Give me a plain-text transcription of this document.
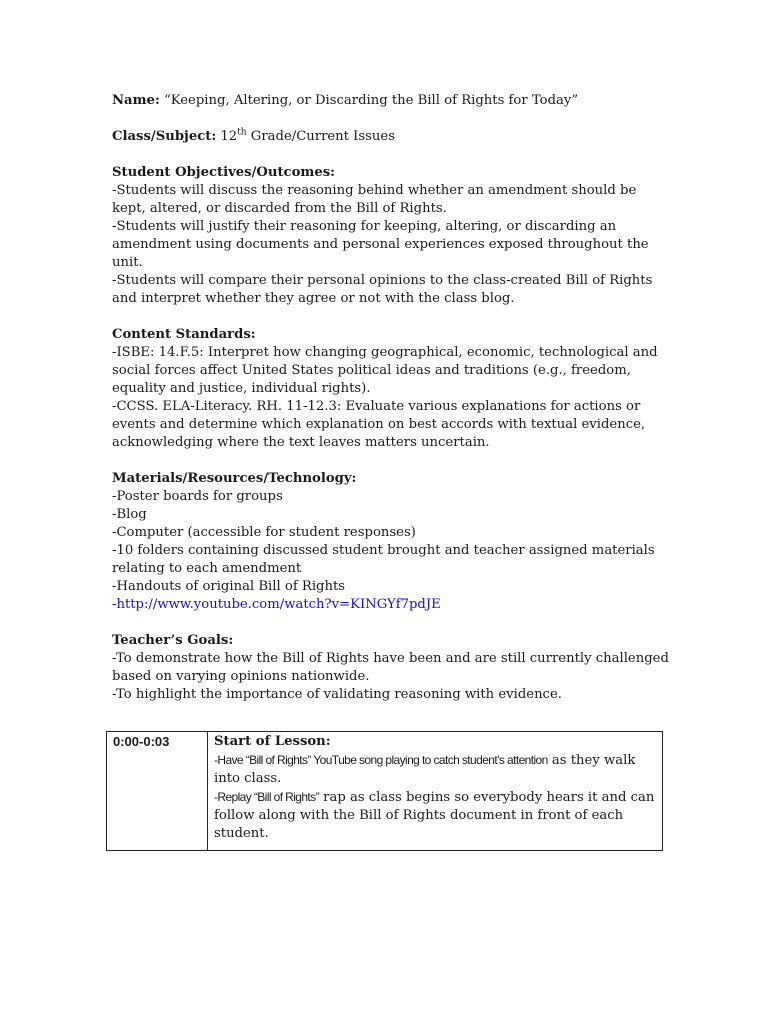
Name: “Keeping, Altering, or Discarding the Bill of Rights for Today”

Class/Subject: 12th Grade/Current Issues

Student Objectives/Outcomes:

-Students will discuss the reasoning behind whether an amendment should be kept, altered, or discarded from the Bill of Rights.

-Students will justify their reasoning for keeping, altering, or discarding an amendment using documents and personal experiences exposed throughout the unit.

-Students will compare their personal opinions to the class-created Bill of Rights and interpret whether they agree or not with the class blog.

Content Standards:

-ISBE: 14.F.5: Interpret how changing geographical, economic, technological and social forces affect United States political ideas and traditions (e.g., freedom, equality and justice, individual rights).

-CCSS. ELA-Literacy. RH. 11-12.3: Evaluate various explanations for actions or events and determine which explanation on best accords with textual evidence, acknowledging where the text leaves matters uncertain.

Materials/Resources/Technology:

-Poster boards for groups

-Blog

-Computer (accessible for student responses)

-10 folders containing discussed student brought and teacher assigned materials relating to each amendment

-Handouts of original Bill of Rights

-http://www.youtube.com/watch?v=KINGYf7pdJE

Teacher’s Goals:

-To demonstrate how the Bill of Rights have been and are still currently challenged based on varying opinions nationwide.

-To highlight the importance of validating reasoning with evidence.

0:00-0:03	Start of Lesson:
-Have “Bill of Rights” YouTube song playing to catch student’s attention as they walk into class.
-Replay “Bill of Rights” rap as class begins so everybody hears it and can follow along with the Bill of Rights document in front of each student.
